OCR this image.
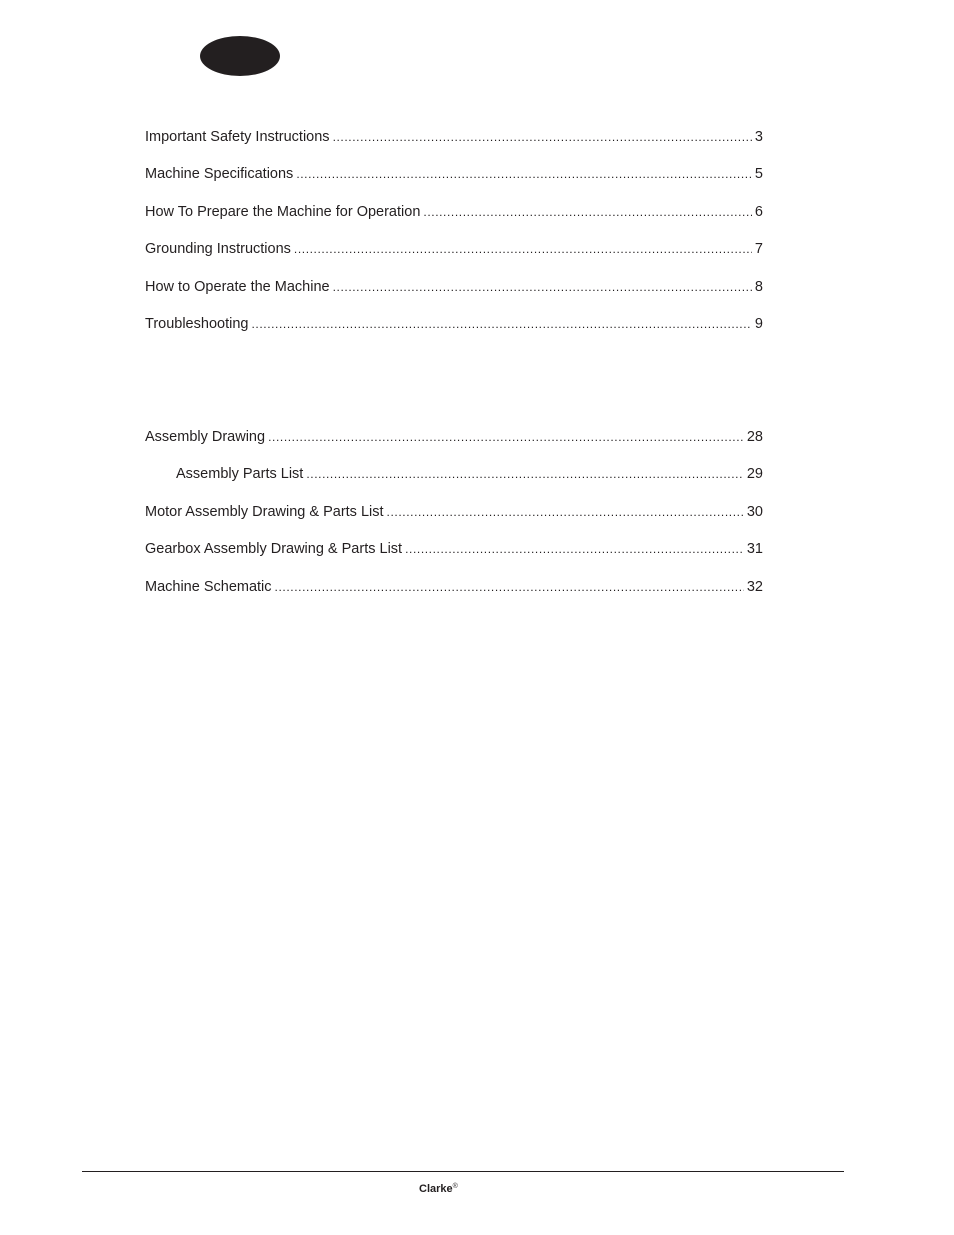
Important Safety Instructions .....	3
Machine Specifications .....	5
How To Prepare the Machine for Operation .....	6
Grounding Instructions .....	7
How to Operate the Machine .....	8
Troubleshooting .....	9
Assembly Drawing .....	28
Assembly Parts List .....	29
Motor Assembly Drawing & Parts List .....	30
Gearbox Assembly Drawing & Parts List .....	31
Machine Schematic .....	32
Clarke®
